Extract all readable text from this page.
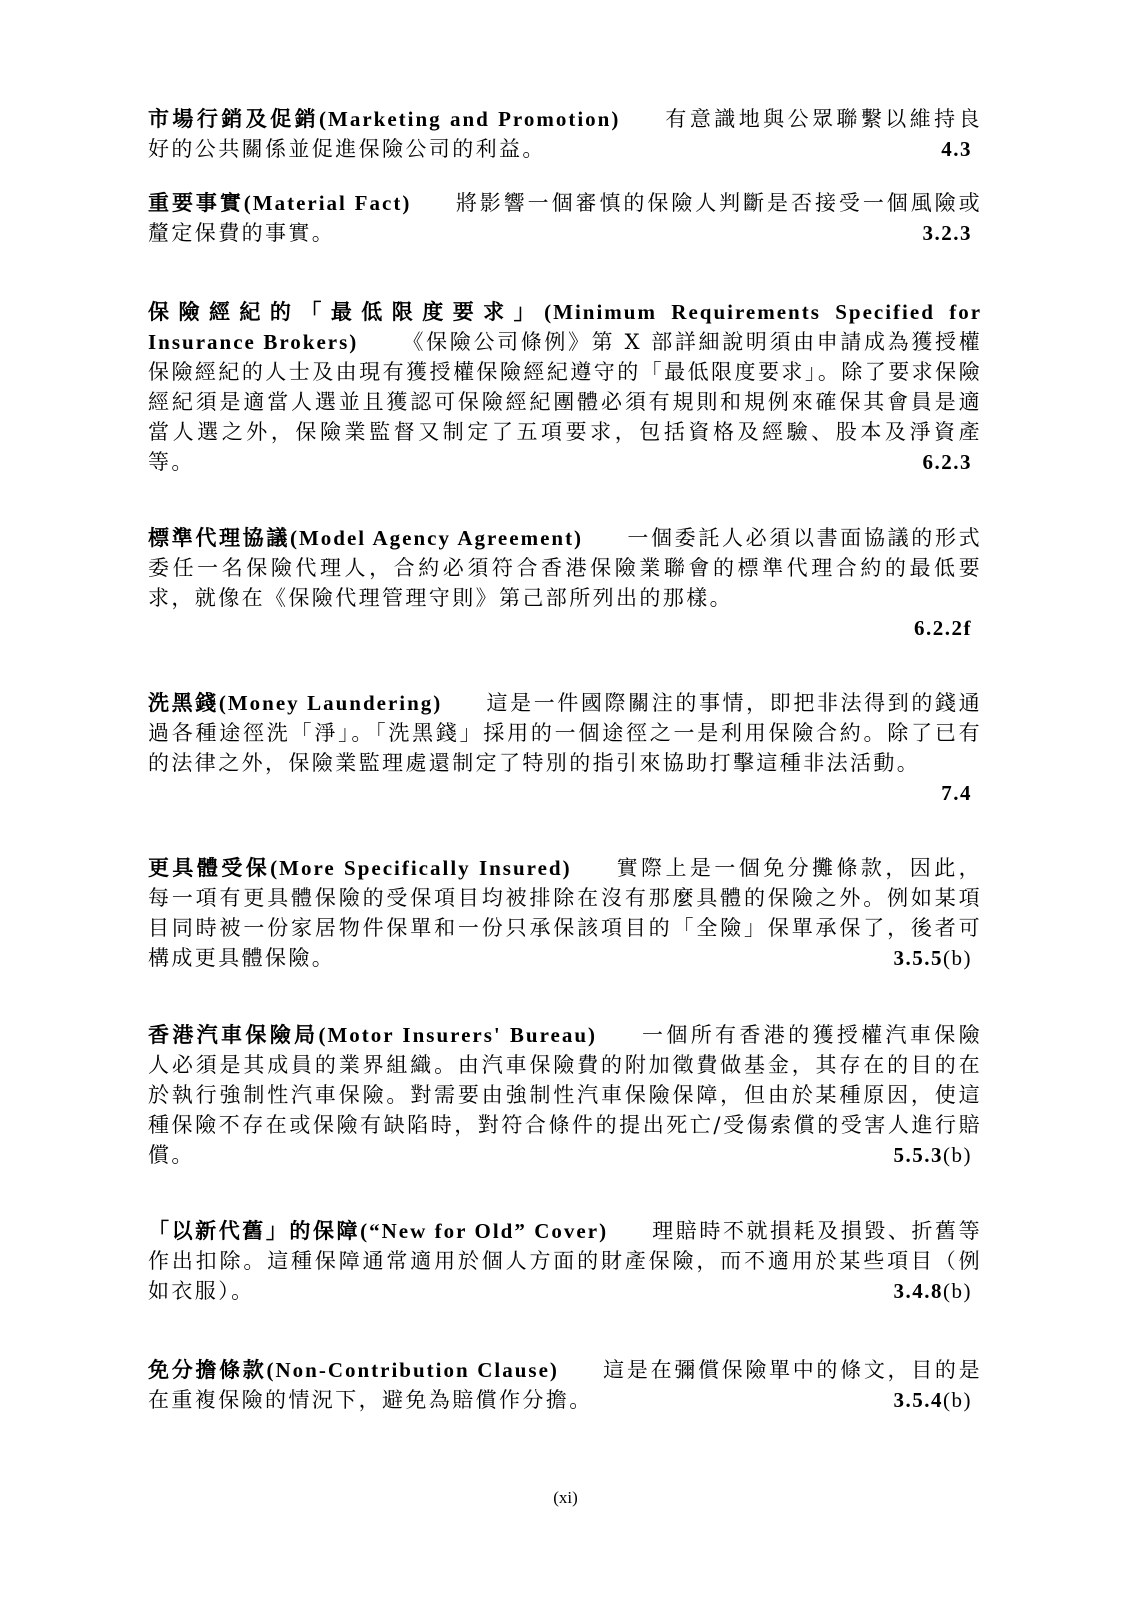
市場行銷及促銷(Marketing and Promotion) 有意識地與公眾聯繫以維持良好的公共關係並促進保險公司的利益。	4.3

重要事實(Material Fact) 將影響一個審慎的保險人判斷是否接受一個風險或釐定保費的事實。	3.2.3

保險經紀的「最低限度要求」(Minimum Requirements Specified for Insurance Brokers) 《保險公司條例》第 X 部詳細說明須由申請成為獲授權保險經紀的人士及由現有獲授權保險經紀遵守的「最低限度要求」。除了要求保險經紀須是適當人選並且獲認可保險經紀團體必須有規則和規例來確保其會員是適當人選之外，保險業監督又制定了五項要求，包括資格及經驗、股本及淨資產等。	6.2.3

標準代理協議(Model Agency Agreement) 一個委託人必須以書面協議的形式委任一名保險代理人，合約必須符合香港保險業聯會的標準代理合約的最低要求，就像在《保險代理管理守則》第己部所列出的那樣。

6.2.2f

洗黑錢(Money Laundering) 這是一件國際關注的事情，即把非法得到的錢通過各種途徑洗「淨」。「洗黑錢」採用的一個途徑之一是利用保險合約。除了已有的法律之外，保險業監理處還制定了特別的指引來協助打擊這種非法活動。

7.4

更具體受保(More Specifically Insured) 實際上是一個免分攤條款，因此，每一項有更具體保險的受保項目均被排除在沒有那麼具體的保險之外。例如某項目同時被一份家居物件保單和一份只承保該項目的「全險」保單承保了，後者可構成更具體保險。	3.5.5(b)

香港汽車保險局(Motor Insurers' Bureau) 一個所有香港的獲授權汽車保險人必須是其成員的業界組織。由汽車保險費的附加徵費做基金，其存在的目的在於執行強制性汽車保險。對需要由強制性汽車保險保障，但由於某種原因，使這種保險不存在或保險有缺陷時，對符合條件的提出死亡/受傷索償的受害人進行賠償。	5.5.3(b)

「以新代舊」的保障(“New for Old” Cover) 理賠時不就損耗及損毀、折舊等作出扣除。這種保障通常適用於個人方面的財產保險，而不適用於某些項目（例如衣服）。	3.4.8(b)

免分擔條款(Non-Contribution Clause) 這是在彌償保險單中的條文，目的是在重複保險的情況下，避免為賠償作分擔。	3.5.4(b)
(xi)
